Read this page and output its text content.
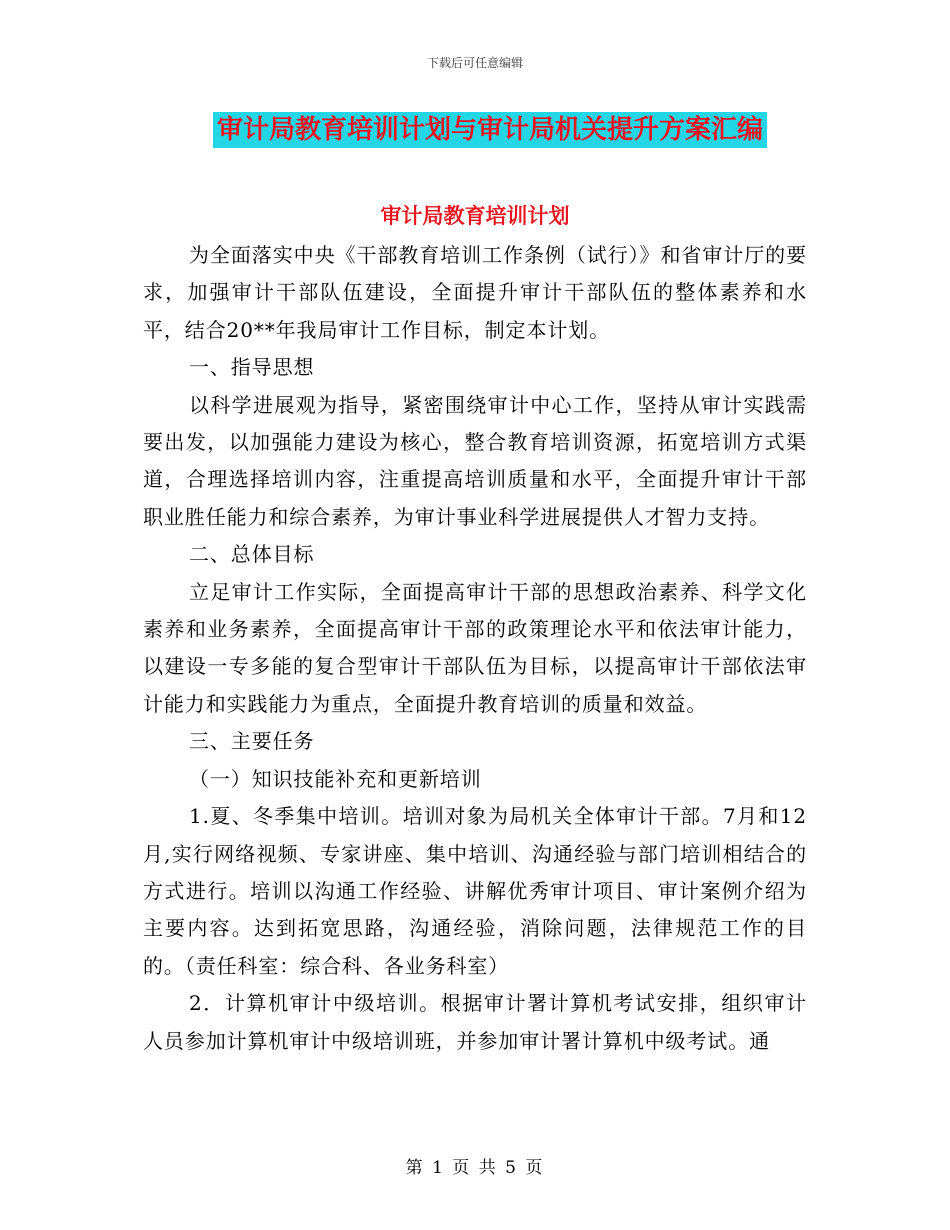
下载后可任意编辑
审计局教育培训计划与审计局机关提升方案汇编
审计局教育培训计划

为全面落实中央《干部教育培训工作条例（试行）》和省审计厅的要求，加强审计干部队伍建设，全面提升审计干部队伍的整体素养和水平，结合20**年我局审计工作目标，制定本计划。

一、指导思想

以科学进展观为指导，紧密围绕审计中心工作，坚持从审计实践需要出发，以加强能力建设为核心，整合教育培训资源，拓宽培训方式渠道，合理选择培训内容，注重提高培训质量和水平，全面提升审计干部职业胜任能力和综合素养，为审计事业科学进展提供人才智力支持。

二、总体目标

立足审计工作实际，全面提高审计干部的思想政治素养、科学文化素养和业务素养，全面提高审计干部的政策理论水平和依法审计能力，以建设一专多能的复合型审计干部队伍为目标，以提高审计干部依法审计能力和实践能力为重点，全面提升教育培训的质量和效益。

三、主要任务

（一）知识技能补充和更新培训

1.夏、冬季集中培训。培训对象为局机关全体审计干部。7月和12月,实行网络视频、专家讲座、集中培训、沟通经验与部门培训相结合的方式进行。培训以沟通工作经验、讲解优秀审计项目、审计案例介绍为主要内容。达到拓宽思路，沟通经验，消除问题，法律规范工作的目的。（责任科室：综合科、各业务科室）

2．计算机审计中级培训。根据审计署计算机考试安排，组织审计人员参加计算机审计中级培训班，并参加审计署计算机中级考试。通

第 1 页 共 5 页
